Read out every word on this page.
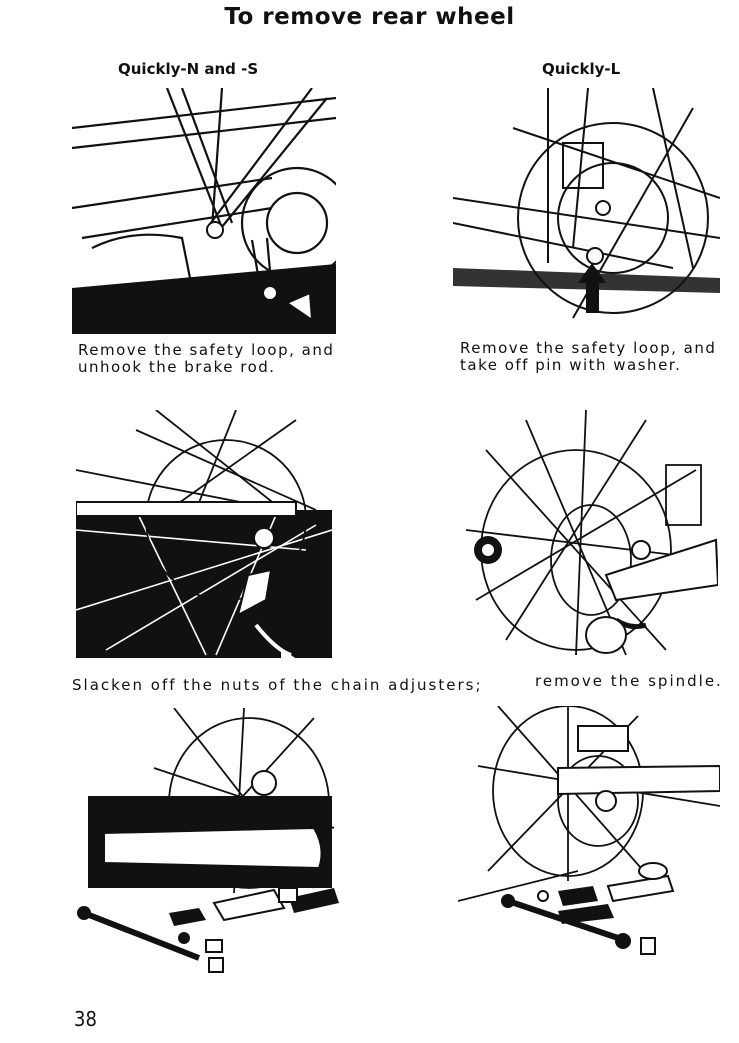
To remove rear wheel
Quickly-N and -S	Quickly-L
Remove the safety loop, and unhook the brake rod.
Remove the safety loop, and take off pin with washer.
Slacken off the nuts of the chain adjusters;	remove the spindle.
38
